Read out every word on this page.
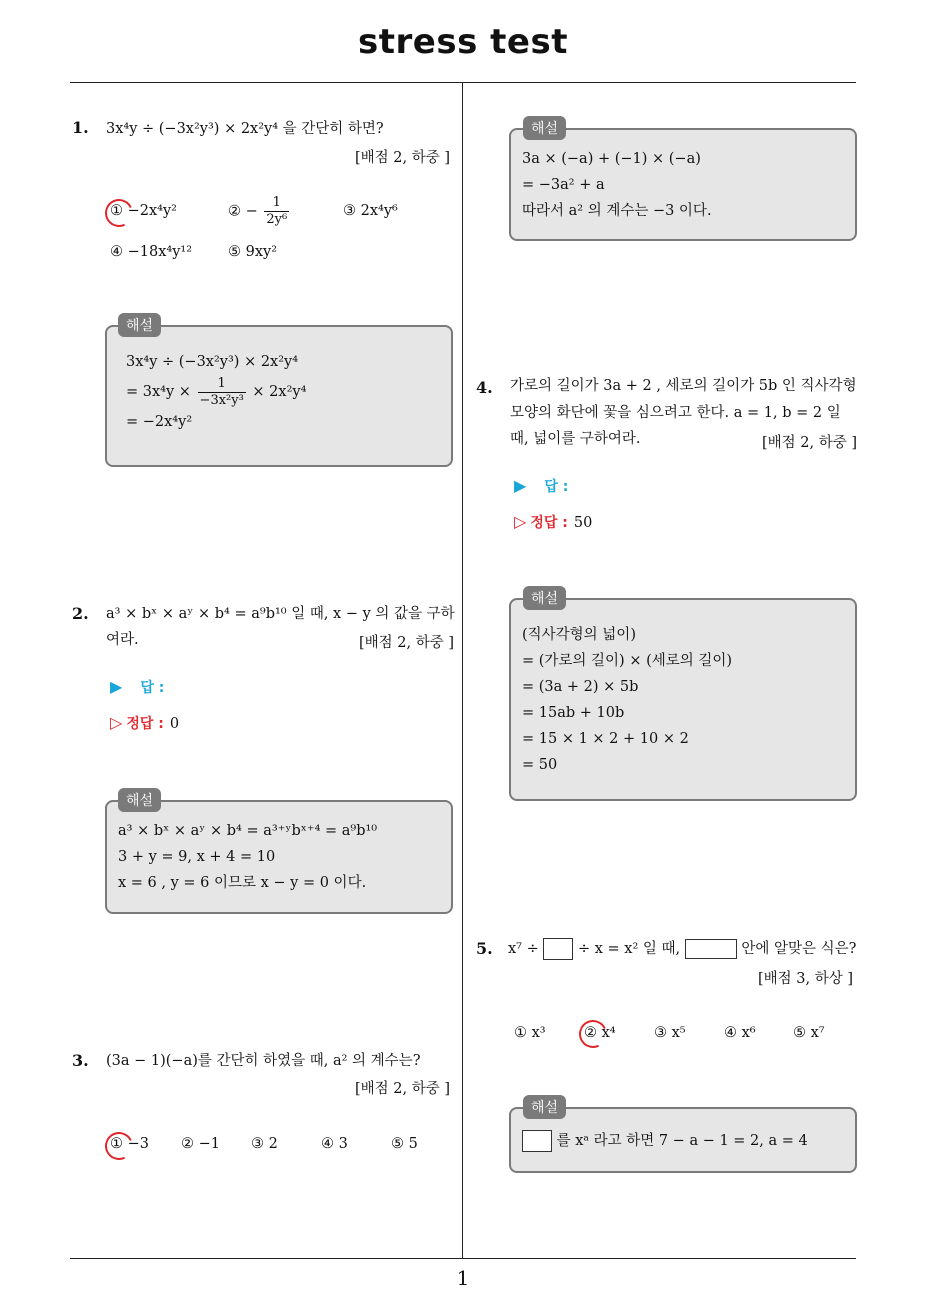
stress test
1
1. 3x⁴y ÷ (−3x²y³) × 2x²y⁴ 을 간단히 하면?
[배점 2, 하중 ]
① −2x⁴y²	② − $\frac{1}{\text{2y⁶}}$	③ 2x⁴y⁶
④ −18x⁴y¹² ⑤ 9xy²
해설
3x⁴y ÷ (−3x²y³) × 2x²y⁴
= $3x^4y \times \frac{1}{\text{−3x²y³}} \times 2x^2y^4$
= −2x⁴y²
2. a³ × bˣ × aʸ × b⁴ = a⁹b¹⁰ 일 때, x − y 의 값을 구하
여라.	[배점 2, 하중 ]
▶ 답 :
▷ 정답 : 0
해설
a³ × bˣ × aʸ × b⁴ = a³⁺ʸbˣ⁺⁴ = a⁹b¹⁰
3 + y = 9, x + 4 = 10
x = 6 , y = 6 이므로 x − y = 0 이다.
3. (3a − 1)(−a)를 간단히 하였을 때, a² 의 계수는?
[배점 2, 하중 ]
① −3 ② −1 ③ 2	④ 3	⑤ 5
해설
3a × (−a) + (−1) × (−a)
= −3a² + a
따라서 a² 의 계수는 −3 이다.
4. 가로의 길이가 3a + 2 , 세로의 길이가 5b 인 직사각형
모양의 화단에 꽃을 심으려고 한다. a = 1, b = 2 일
때, 넓이를 구하여라.	[배점 2, 하중 ]
▶ 답 :
▷ 정답 : 50
해설
(직사각형의 넓이)
= (가로의 길이) × (세로의 길이)
= (3a + 2) × 5b
= 15ab + 10b
= 15 × 1 × 2 + 10 × 2
= 50
5. x⁷ ÷	÷ x = x² 일 때,	안에 알맞은 식은?
[배점 3, 하상 ]
① x³	② x⁴	③ x⁵	④ x⁶	⑤ x⁷
해설
를 xᵃ 라고 하면 7 − a − 1 = 2, a = 4
